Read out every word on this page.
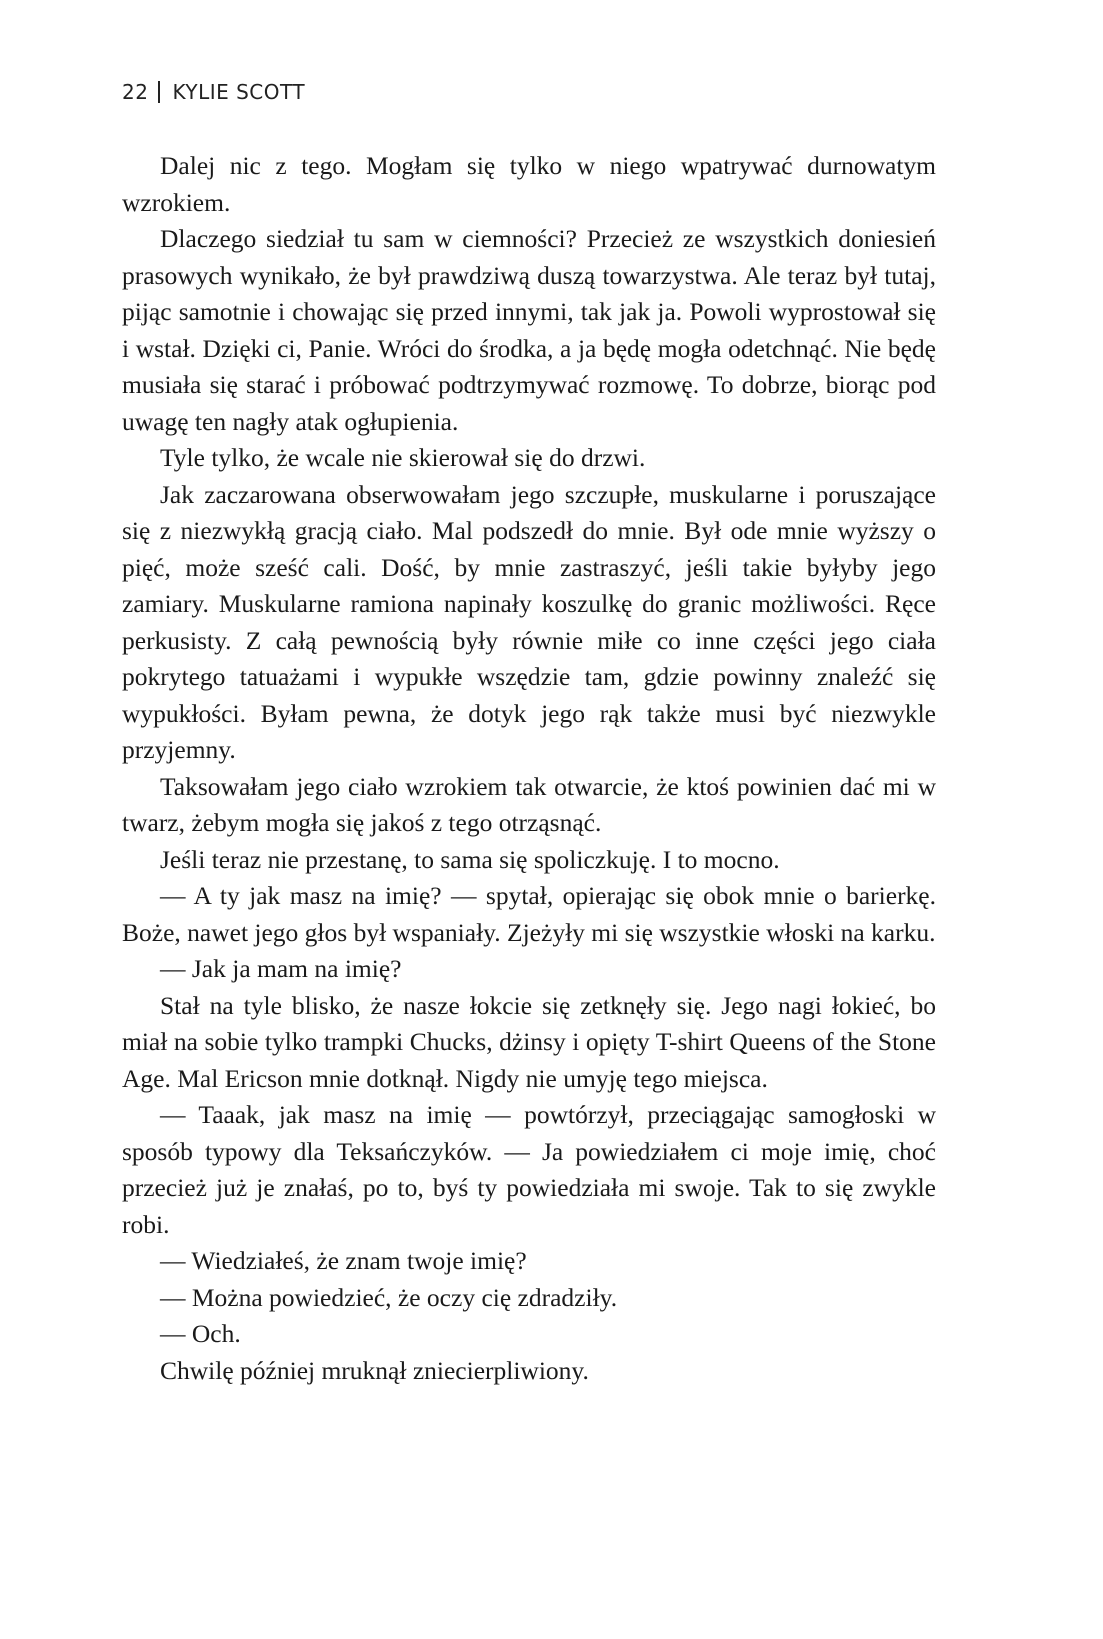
22 KYLIE SCOTT

Dalej nic z tego. Mogłam się tylko w niego wpatrywać durnowatym wzrokiem.

Dlaczego siedział tu sam w ciemności? Przecież ze wszystkich doniesień prasowych wynikało, że był prawdziwą duszą towarzystwa. Ale teraz był tutaj, pijąc samotnie i chowając się przed innymi, tak jak ja. Powoli wyprostował się i wstał. Dzięki ci, Panie. Wróci do środka, a ja będę mogła odetchnąć. Nie będę musiała się starać i próbować podtrzymywać rozmowę. To dobrze, biorąc pod uwagę ten nagły atak ogłupienia.

Tyle tylko, że wcale nie skierował się do drzwi.

Jak zaczarowana obserwowałam jego szczupłe, muskularne i poruszające się z niezwykłą gracją ciało. Mal podszedł do mnie. Był ode mnie wyższy o pięć, może sześć cali. Dość, by mnie zastraszyć, jeśli takie byłyby jego zamiary. Muskularne ramiona napinały koszulkę do granic możliwości. Ręce perkusisty. Z całą pewnością były równie miłe co inne części jego ciała pokrytego tatuażami i wypukłe wszędzie tam, gdzie powinny znaleźć się wypukłości. Byłam pewna, że dotyk jego rąk także musi być niezwykle przyjemny.

Taksowałam jego ciało wzrokiem tak otwarcie, że ktoś powinien dać mi w twarz, żebym mogła się jakoś z tego otrząsnąć.

Jeśli teraz nie przestanę, to sama się spoliczkuję. I to mocno.

— A ty jak masz na imię? — spytał, opierając się obok mnie o barierkę. Boże, nawet jego głos był wspaniały. Zjeżyły mi się wszystkie włoski na karku.

— Jak ja mam na imię?

Stał na tyle blisko, że nasze łokcie się zetknęły się. Jego nagi łokieć, bo miał na sobie tylko trampki Chucks, dżinsy i opięty T-shirt Queens of the Stone Age. Mal Ericson mnie dotknął. Nigdy nie umyję tego miejsca.

— Taaak, jak masz na imię — powtórzył, przeciągając samogłoski w sposób typowy dla Teksańczyków. — Ja powiedziałem ci moje imię, choć przecież już je znałaś, po to, byś ty powiedziała mi swoje. Tak to się zwykle robi.

— Wiedziałeś, że znam twoje imię?

— Można powiedzieć, że oczy cię zdradziły.

— Och.

Chwilę później mruknął zniecierpliwiony.
